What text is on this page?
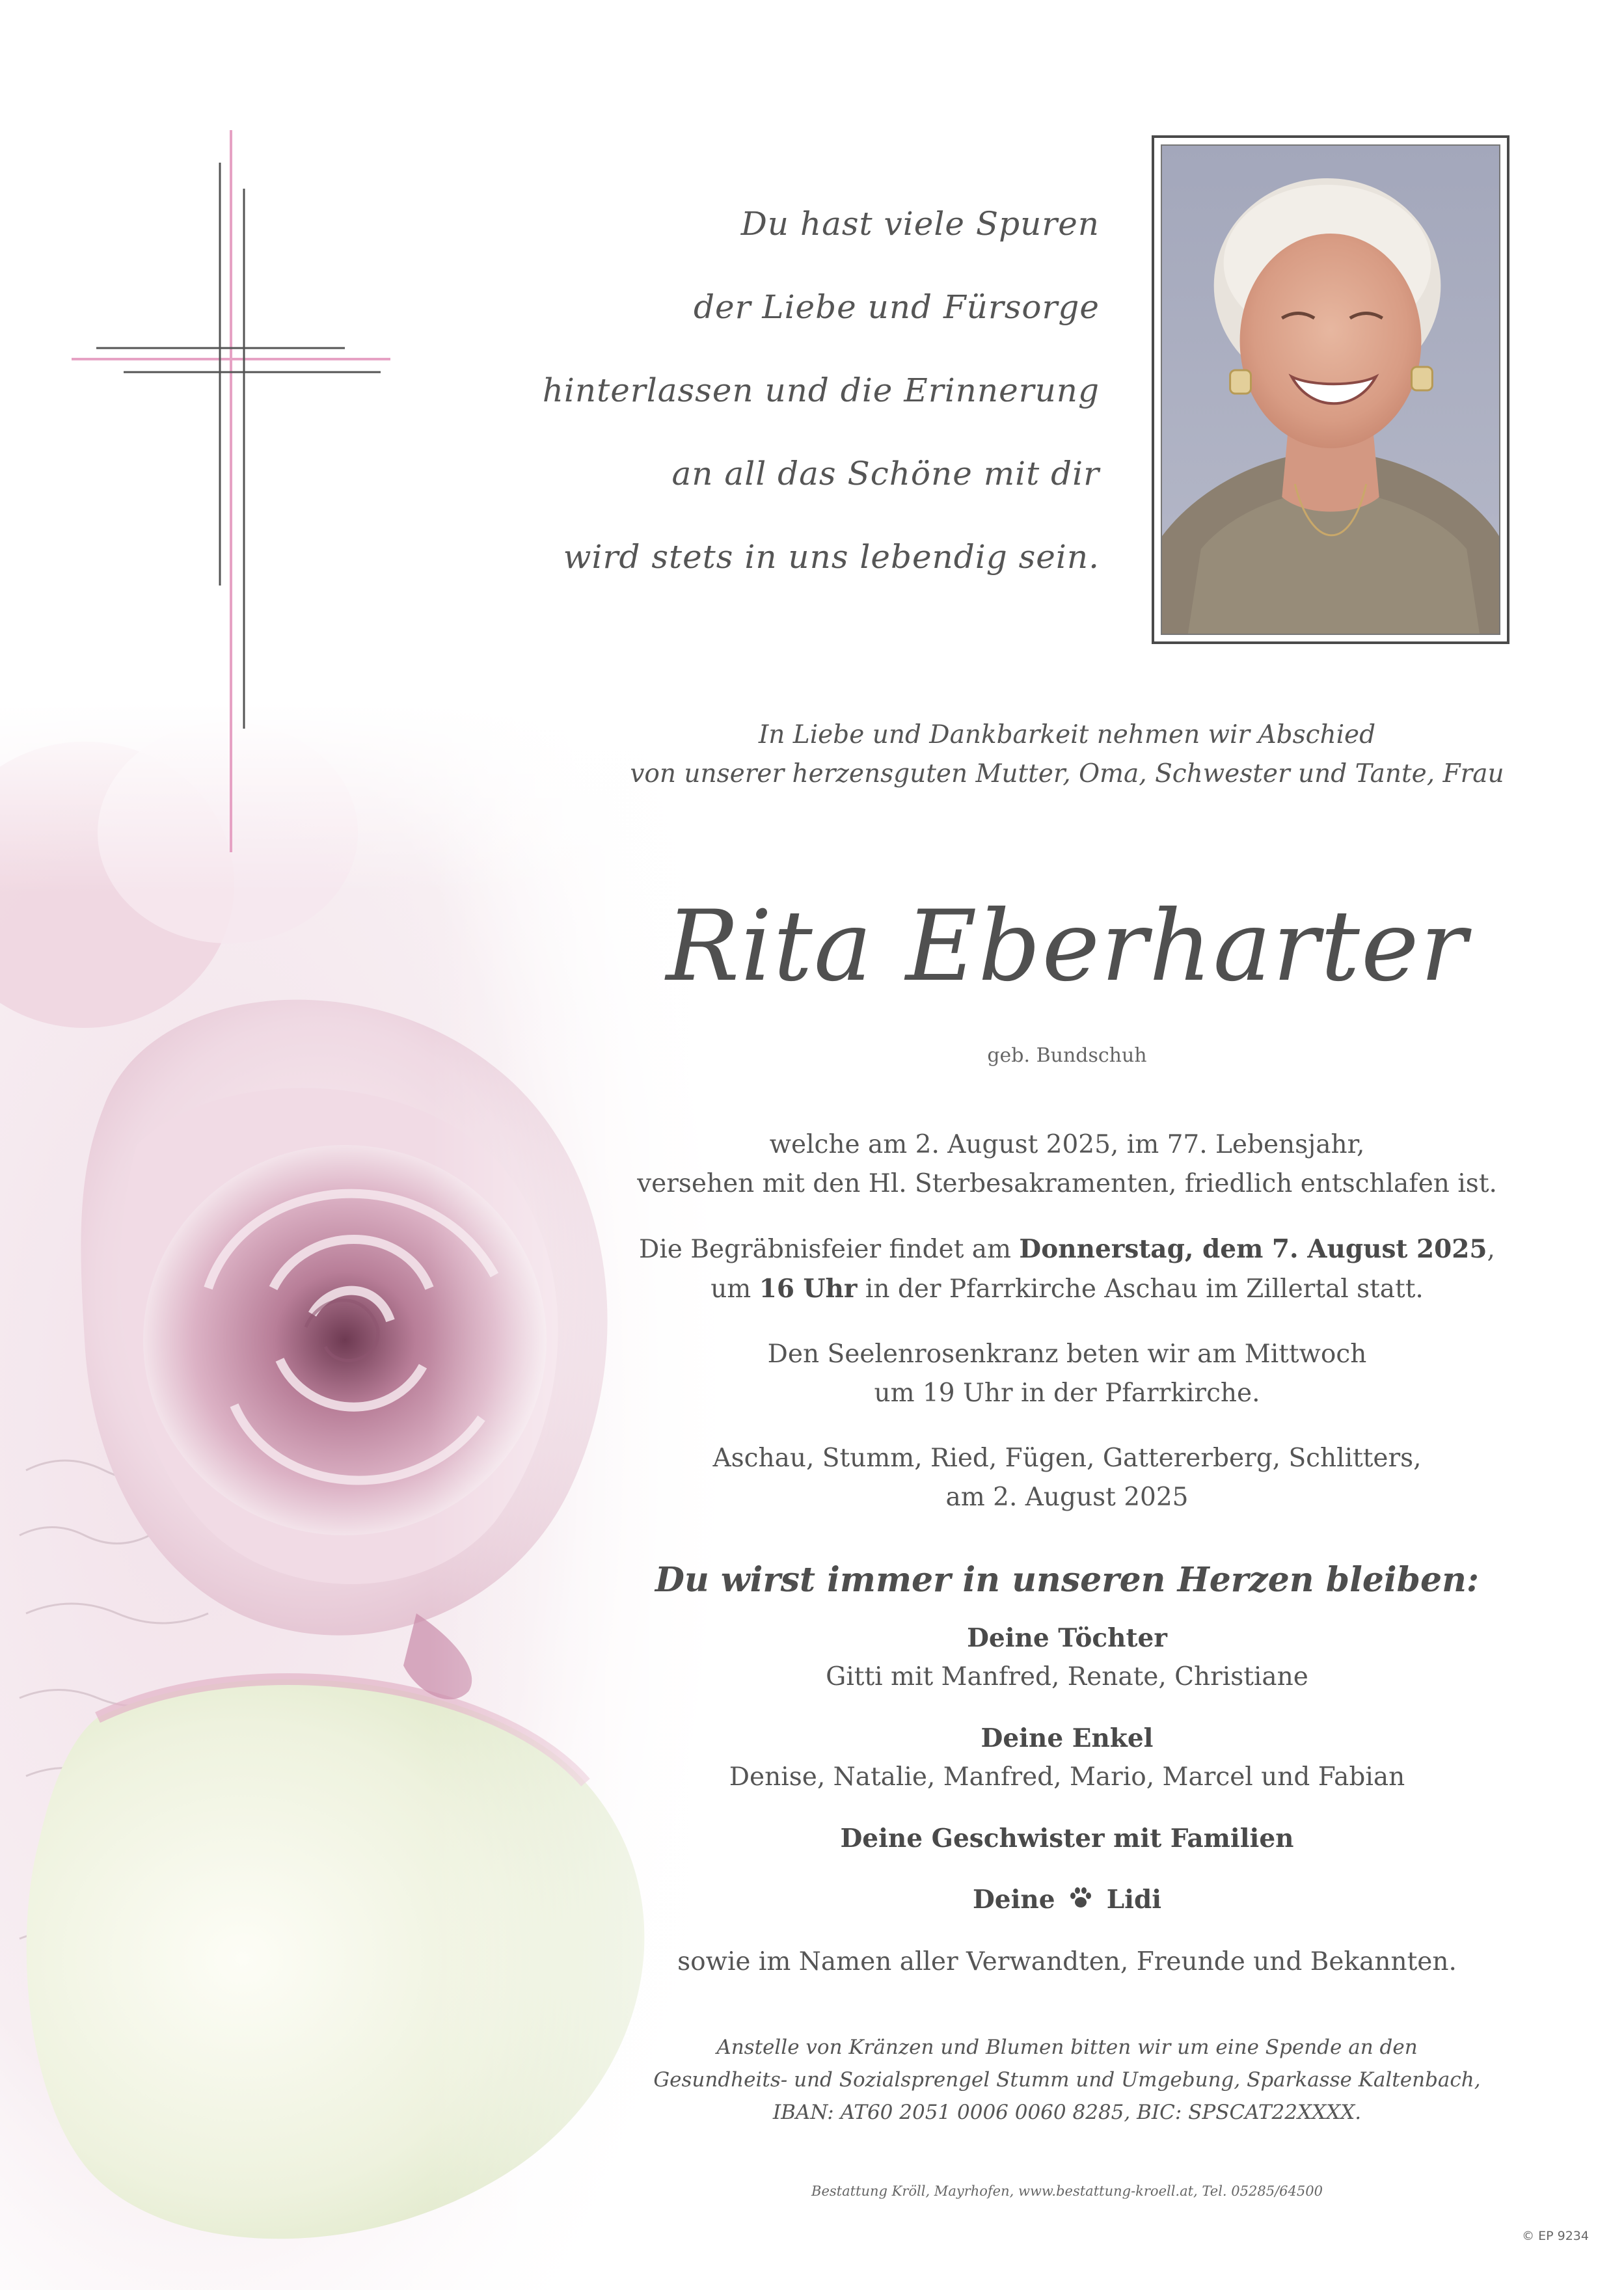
Du hast viele Spuren
der Liebe und Fürsorge
hinterlassen und die Erinnerung
an all das Schöne mit dir
wird stets in uns lebendig sein.
In Liebe und Dankbarkeit nehmen wir Abschied
von unserer herzensguten Mutter, Oma, Schwester und Tante, Frau
Rita Eberharter
geb. Bundschuh
welche am 2. August 2025, im 77. Lebensjahr,
versehen mit den Hl. Sterbesakramenten, friedlich entschlafen ist.
Die Begräbnisfeier findet am Donnerstag, dem 7. August 2025,
um 16 Uhr in der Pfarrkirche Aschau im Zillertal statt.
Den Seelenrosenkranz beten wir am Mittwoch
um 19 Uhr in der Pfarrkirche.
Aschau, Stumm, Ried, Fügen, Gattererberg, Schlitters,
am 2. August 2025
Du wirst immer in unseren Herzen bleiben:
Deine Töchter
Gitti mit Manfred, Renate, Christiane
Deine Enkel
Denise, Natalie, Manfred, Mario, Marcel und Fabian
Deine Geschwister mit Familien
Deine Lidi
sowie im Namen aller Verwandten, Freunde und Bekannten.
Anstelle von Kränzen und Blumen bitten wir um eine Spende an den
Gesundheits- und Sozialsprengel Stumm und Umgebung, Sparkasse Kaltenbach,
IBAN: AT60 2051 0006 0060 8285, BIC: SPSCAT22XXXX.
Bestattung Kröll, Mayrhofen, www.bestattung-kroell.at, Tel. 05285/64500
© EP 9234
